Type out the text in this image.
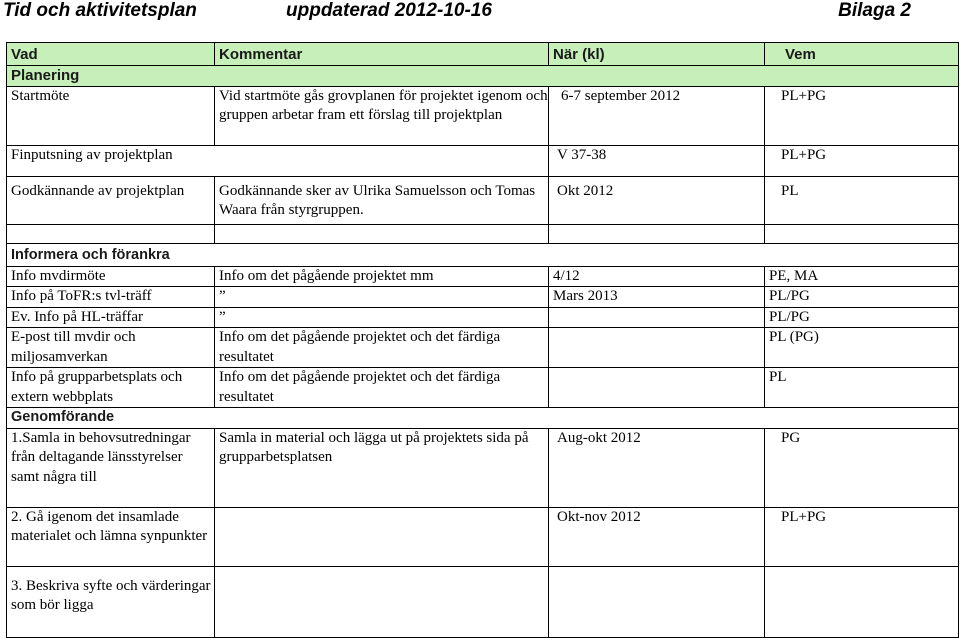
Tid och aktivitetsplan	uppdaterad 2012-10-16	Bilaga 2
Vad	Kommentar	När (kl)	Vem
Planering			
Startmöte	Vid startmöte gås grovplanen för projektet igenom och gruppen arbetar fram ett förslag till projektplan	6-7 september 2012	PL+PG
Finputsning av projektplan		V 37-38	PL+PG
Godkännande av projektplan	Godkännande sker av Ulrika Samuelsson och Tomas Waara från styrgruppen.	Okt 2012	PL

Informera och förankra			
Info mvdirmöte	Info om det pågående projektet mm	4/12	PE, MA
Info på ToFR:s tvl-träff	”	Mars 2013	PL/PG
Ev. Info på HL-träffar	”		PL/PG
E-post till mvdir och miljosamverkan	Info om det pågående projektet och det färdiga resultatet		PL (PG)
Info på grupparbetsplats och extern webbplats	Info om det pågående projektet och det färdiga resultatet		PL
Genomförande			
1.Samla in behovsutredningar från deltagande länsstyrelser samt några till	Samla in material och lägga ut på projektets sida på grupparbetsplatsen	Aug-okt 2012	PG
2. Gå igenom det insamlade materialet och lämna synpunkter		Okt-nov 2012	PL+PG
3. Beskriva syfte och värderingar som bör ligga			
